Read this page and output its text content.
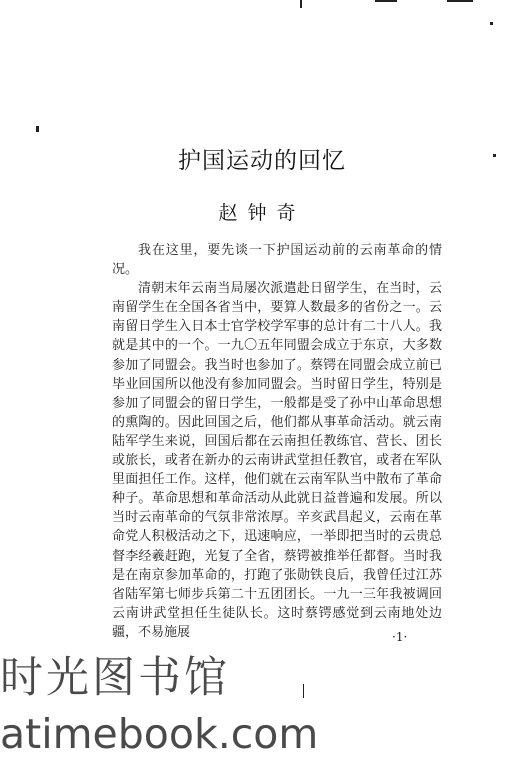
护国运动的回忆
赵钟奇

我在这里，要先谈一下护国运动前的云南革命的情况。

清朝末年云南当局屡次派遣赴日留学生，在当时，云南留学生在全国各省当中，要算人数最多的省份之一。云南留日学生入日本士官学校学军事的总计有二十八人。我就是其中的一个。一九〇五年同盟会成立于东京，大多数参加了同盟会。我当时也参加了。蔡锷在同盟会成立前已毕业回国所以他没有参加同盟会。当时留日学生，特别是参加了同盟会的留日学生，一般都是受了孙中山革命思想的熏陶的。因此回国之后，他们都从事革命活动。就云南陆军学生来说，回国后都在云南担任教练官、营长、团长或旅长，或者在新办的云南讲武堂担任教官，或者在军队里面担任工作。这样，他们就在云南军队当中散布了革命种子。革命思想和革命活动从此就日益普遍和发展。所以当时云南革命的气氛非常浓厚。辛亥武昌起义，云南在革命党人积极活动之下，迅速响应，一举即把当时的云贵总督李经羲赶跑，光复了全省，蔡锷被推举任都督。当时我是在南京参加革命的，打跑了张勋铁良后，我曾任过江苏省陆军第七师步兵第二十五团团长。一九一三年我被调回云南讲武堂担任生徒队长。这时蔡锷感觉到云南地处边疆，不易施展	·1·
时光图书馆
atimebook.com
